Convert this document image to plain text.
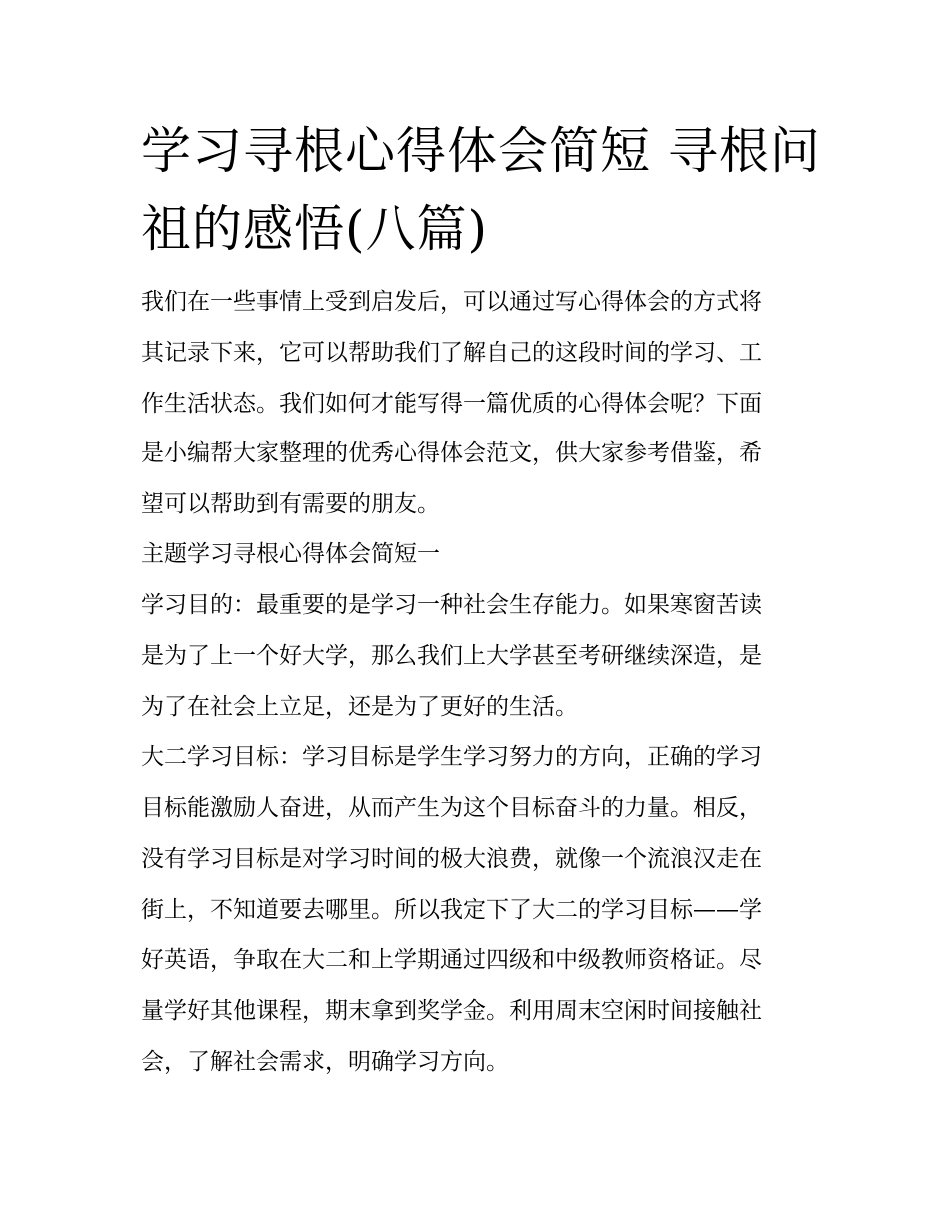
学习寻根心得体会简短 寻根问
祖的感悟(八篇)
我们在一些事情上受到启发后，可以通过写心得体会的方式将
其记录下来，它可以帮助我们了解自己的这段时间的学习、工
作生活状态。我们如何才能写得一篇优质的心得体会呢？下面
是小编帮大家整理的优秀心得体会范文，供大家参考借鉴，希
望可以帮助到有需要的朋友。
主题学习寻根心得体会简短一
学习目的：最重要的是学习一种社会生存能力。如果寒窗苦读
是为了上一个好大学，那么我们上大学甚至考研继续深造，是
为了在社会上立足，还是为了更好的生活。
大二学习目标：学习目标是学生学习努力的方向，正确的学习
目标能激励人奋进，从而产生为这个目标奋斗的力量。相反，
没有学习目标是对学习时间的极大浪费，就像一个流浪汉走在
街上，不知道要去哪里。所以我定下了大二的学习目标——学
好英语，争取在大二和上学期通过四级和中级教师资格证。尽
量学好其他课程，期末拿到奖学金。利用周末空闲时间接触社
会，了解社会需求，明确学习方向。
